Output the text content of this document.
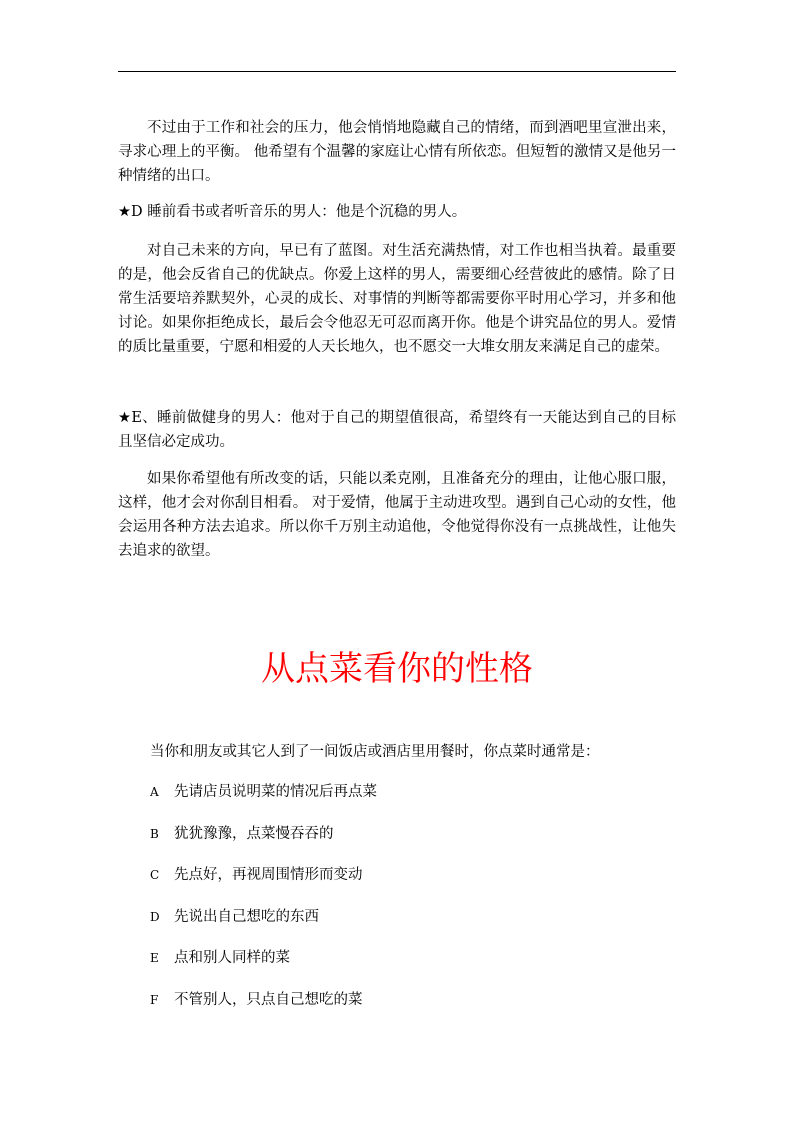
不过由于工作和社会的压力，他会悄悄地隐藏自己的情绪，而到酒吧里宣泄出来，寻求心理上的平衡。 他希望有个温馨的家庭让心情有所依恋。但短暂的激情又是他另一种情绪的出口。

★D 睡前看书或者听音乐的男人：他是个沉稳的男人。

对自己未来的方向，早已有了蓝图。对生活充满热情，对工作也相当执着。最重要的是，他会反省自己的优缺点。你爱上这样的男人，需要细心经营彼此的感情。除了日常生活要培养默契外，心灵的成长、对事情的判断等都需要你平时用心学习，并多和他讨论。如果你拒绝成长，最后会令他忍无可忍而离开你。他是个讲究品位的男人。爱情的质比量重要，宁愿和相爱的人天长地久，也不愿交一大堆女朋友来满足自己的虚荣。

★E、睡前做健身的男人：他对于自己的期望值很高，希望终有一天能达到自己的目标且坚信必定成功。

如果你希望他有所改变的话，只能以柔克刚，且准备充分的理由，让他心服口服，这样，他才会对你刮目相看。 对于爱情，他属于主动进攻型。遇到自己心动的女性，他会运用各种方法去追求。所以你千万别主动追他，令他觉得你没有一点挑战性，让他失去追求的欲望。

从点菜看你的性格

当你和朋友或其它人到了一间饭店或酒店里用餐时，你点菜时通常是：

A 先请店员说明菜的情况后再点菜
B 犹犹豫豫，点菜慢吞吞的
C 先点好，再视周围情形而变动
D 先说出自己想吃的东西
E 点和别人同样的菜
F 不管别人，只点自己想吃的菜
